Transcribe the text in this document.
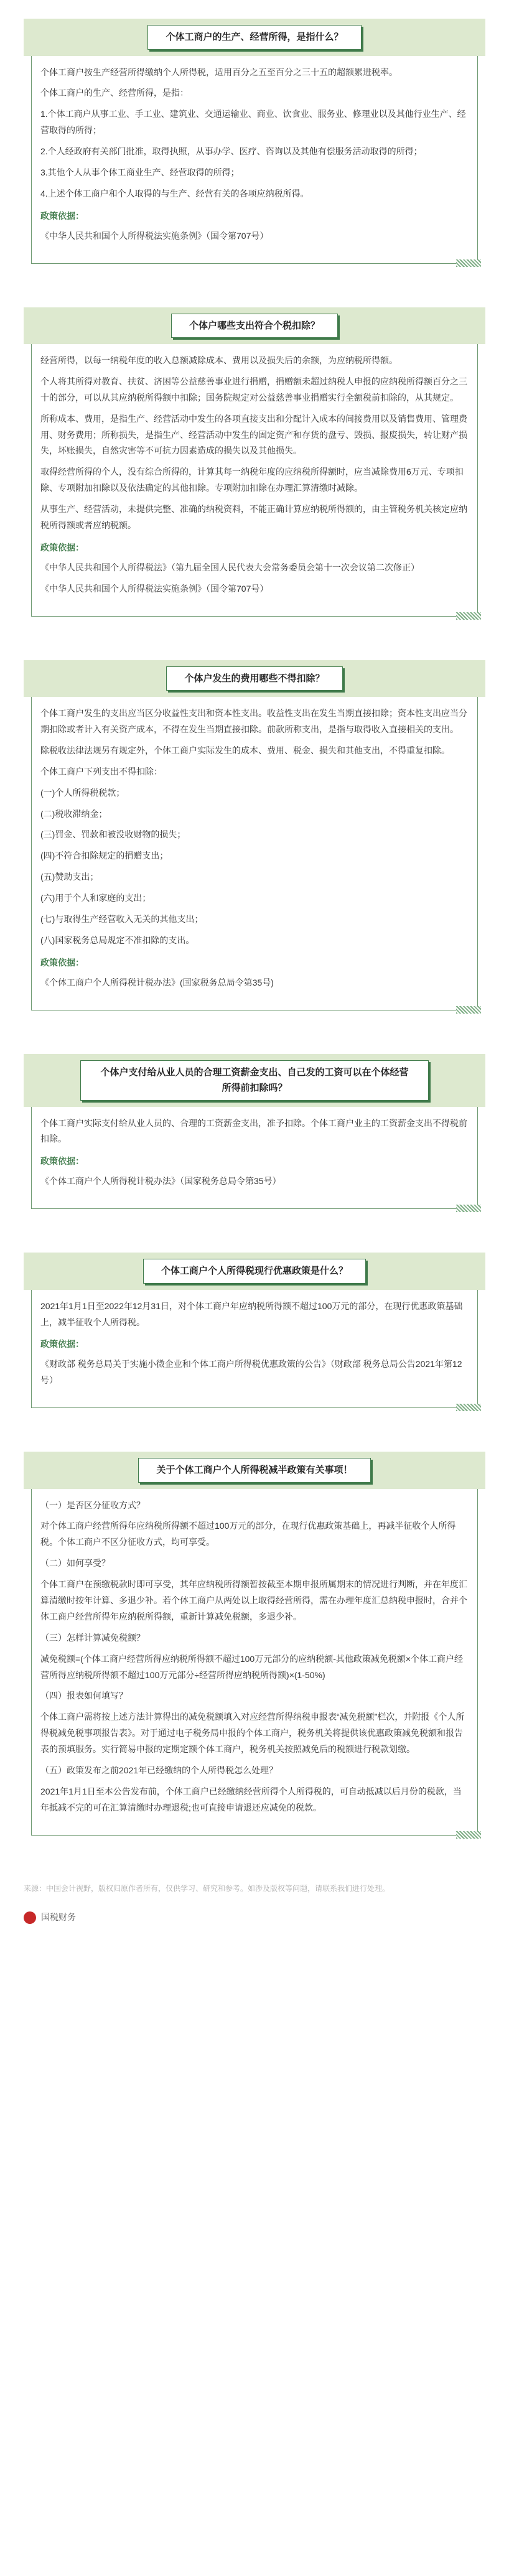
个体工商户的生产、经营所得，是指什么？
个体工商户按生产经营所得缴纳个人所得税，适用百分之五至百分之三十五的超额累进税率。
个体工商户的生产、经营所得，是指：
1.个体工商户从事工业、手工业、建筑业、交通运输业、商业、饮食业、服务业、修理业以及其他行业生产、经营取得的所得；
2.个人经政府有关部门批准，取得执照，从事办学、医疗、咨询以及其他有偿服务活动取得的所得；
3.其他个人从事个体工商业生产、经营取得的所得；
4.上述个体工商户和个人取得的与生产、经营有关的各项应纳税所得。
政策依据：
《中华人民共和国个人所得税法实施条例》（国令第707号）
个体户哪些支出符合个税扣除？
经营所得，以每一纳税年度的收入总额减除成本、费用以及损失后的余额，为应纳税所得额。
个人将其所得对教育、扶贫、济困等公益慈善事业进行捐赠，捐赠额未超过纳税人申报的应纳税所得额百分之三十的部分，可以从其应纳税所得额中扣除；国务院规定对公益慈善事业捐赠实行全额税前扣除的，从其规定。
所称成本、费用，是指生产、经营活动中发生的各项直接支出和分配计入成本的间接费用以及销售费用、管理费用、财务费用；所称损失，是指生产、经营活动中发生的固定资产和存货的盘亏、毁损、报废损失，转让财产损失，坏账损失，自然灾害等不可抗力因素造成的损失以及其他损失。
取得经营所得的个人，没有综合所得的，计算其每一纳税年度的应纳税所得额时，应当减除费用6万元、专项扣除、专项附加扣除以及依法确定的其他扣除。专项附加扣除在办理汇算清缴时减除。
从事生产、经营活动，未提供完整、准确的纳税资料，不能正确计算应纳税所得额的，由主管税务机关核定应纳税所得额或者应纳税额。
政策依据：
《中华人民共和国个人所得税法》（第九届全国人民代表大会常务委员会第十一次会议第二次修正）
《中华人民共和国个人所得税法实施条例》（国令第707号）
个体户发生的费用哪些不得扣除？
个体工商户发生的支出应当区分收益性支出和资本性支出。收益性支出在发生当期直接扣除；资本性支出应当分期扣除或者计入有关资产成本，不得在发生当期直接扣除。前款所称支出，是指与取得收入直接相关的支出。
除税收法律法规另有规定外，个体工商户实际发生的成本、费用、税金、损失和其他支出，不得重复扣除。
个体工商户下列支出不得扣除：
(一)个人所得税税款；
(二)税收滞纳金；
(三)罚金、罚款和被没收财物的损失；
(四)不符合扣除规定的捐赠支出；
(五)赞助支出；
(六)用于个人和家庭的支出；
(七)与取得生产经营收入无关的其他支出；
(八)国家税务总局规定不准扣除的支出。
政策依据：
《个体工商户个人所得税计税办法》(国家税务总局令第35号)
个体户支付给从业人员的合理工资薪金支出、自己发的工资可以在个体经营所得前扣除吗？
个体工商户实际支付给从业人员的、合理的工资薪金支出，准予扣除。个体工商户业主的工资薪金支出不得税前扣除。
政策依据：
《个体工商户个人所得税计税办法》（国家税务总局令第35号）
个体工商户个人所得税现行优惠政策是什么？
2021年1月1日至2022年12月31日，对个体工商户年应纳税所得额不超过100万元的部分，在现行优惠政策基础上，减半征收个人所得税。
政策依据：
《财政部 税务总局关于实施小微企业和个体工商户所得税优惠政策的公告》（财政部 税务总局公告2021年第12号）
关于个体工商户个人所得税减半政策有关事项！
（一）是否区分征收方式？
对个体工商户经营所得年应纳税所得额不超过100万元的部分，在现行优惠政策基础上，再减半征收个人所得税。个体工商户不区分征收方式，均可享受。
（二）如何享受？
个体工商户在预缴税款时即可享受，其年应纳税所得额暂按截至本期申报所属期末的情况进行判断，并在年度汇算清缴时按年计算、多退少补。若个体工商户从两处以上取得经营所得，需在办理年度汇总纳税申报时，合并个体工商户经营所得年应纳税所得额，重新计算减免税额，多退少补。
（三）怎样计算减免税额？
减免税额=(个体工商户经营所得应纳税所得额不超过100万元部分的应纳税额-其他政策减免税额×个体工商户经营所得应纳税所得额不超过100万元部分÷经营所得应纳税所得额)×(1-50%)
（四）报表如何填写？
个体工商户需将按上述方法计算得出的减免税额填入对应经营所得纳税申报表“减免税额”栏次，并附报《个人所得税减免税事项报告表》。对于通过电子税务局申报的个体工商户，税务机关将提供该优惠政策减免税额和报告表的预填服务。实行简易申报的定期定额个体工商户，税务机关按照减免后的税额进行税款划缴。
（五）政策发布之前2021年已经缴纳的个人所得税怎么处理？
2021年1月1日至本公告发布前，个体工商户已经缴纳经营所得个人所得税的，可自动抵减以后月份的税款，当年抵减不完的可在汇算清缴时办理退税;也可直接申请退还应减免的税款。
来源：中国会计视野，版权归原作者所有，仅供学习、研究和参考。如涉及版权等问题，请联系我们进行处理。
国税财务
